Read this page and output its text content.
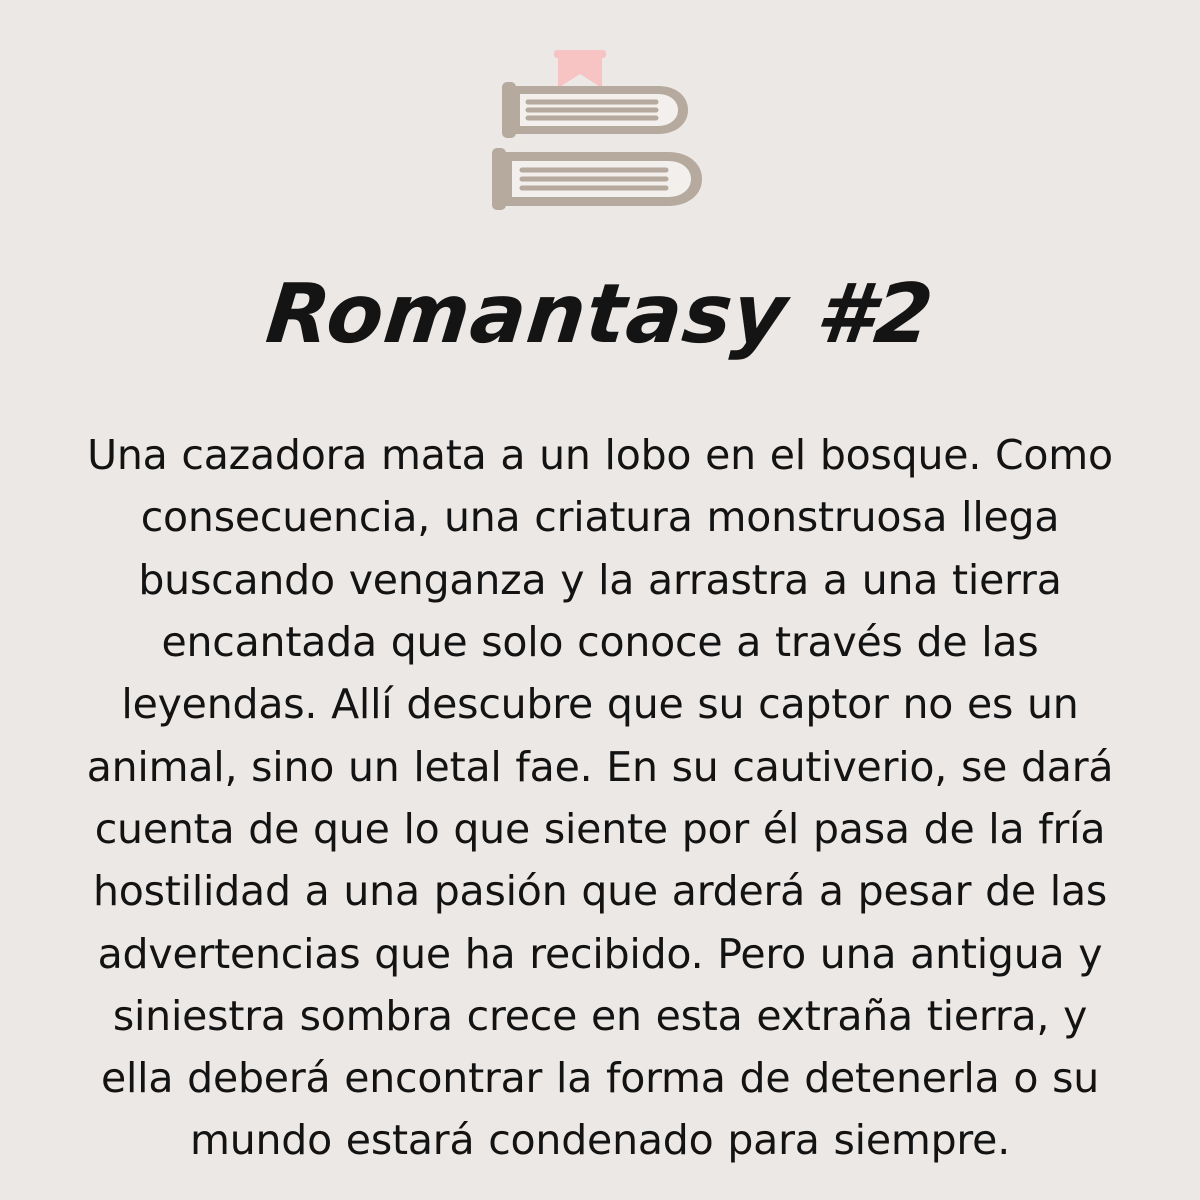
Romantasy #2
Una cazadora mata a un lobo en el bosque. Como consecuencia, una criatura monstruosa llega buscando venganza y la arrastra a una tierra encantada que solo conoce a través de las leyendas. Allí descubre que su captor no es un animal, sino un letal fae. En su cautiverio, se dará cuenta de que lo que siente por él pasa de la fría hostilidad a una pasión que arderá a pesar de las advertencias que ha recibido. Pero una antigua y siniestra sombra crece en esta extraña tierra, y ella deberá encontrar la forma de detenerla o su mundo estará condenado para siempre.
